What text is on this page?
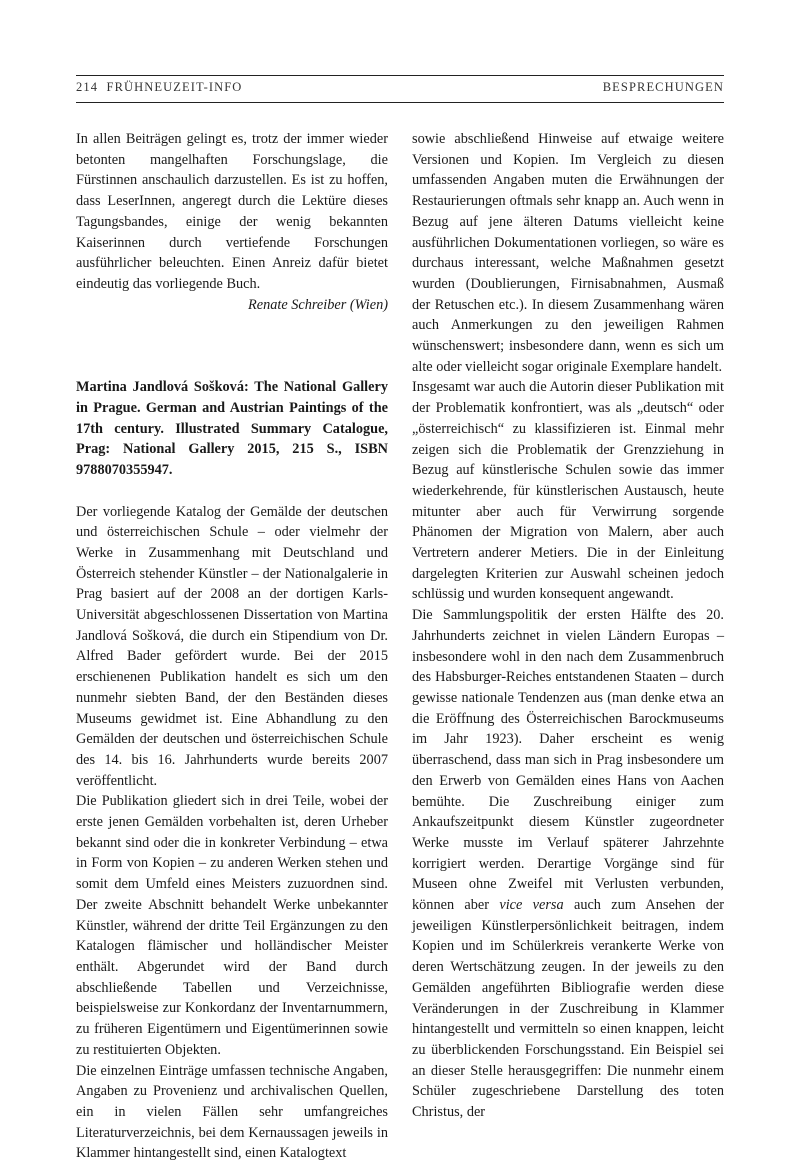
214 FRÜHNEUZEIT-INFO	BESPRECHUNGEN

In allen Beiträgen gelingt es, trotz der immer wieder betonten mangelhaften Forschungslage, die Fürstinnen anschaulich darzustellen. Es ist zu hoffen, dass LeserInnen, angeregt durch die Lektüre dieses Tagungsbandes, einige der wenig bekannten Kaiserinnen durch vertiefende Forschungen ausführlicher beleuchten. Einen Anreiz dafür bietet eindeutig das vorliegende Buch.

Renate Schreiber (Wien)

Martina Jandlová Sošková: The National Gallery in Prague. German and Austrian Paintings of the 17th century. Illustrated Summary Catalogue, Prag: National Gallery 2015, 215 S., ISBN 9788070355947.

Der vorliegende Katalog der Gemälde der deutschen und österreichischen Schule – oder vielmehr der Werke in Zusammenhang mit Deutschland und Österreich stehender Künstler – der Nationalgalerie in Prag basiert auf der 2008 an der dortigen Karls-Universität abgeschlossenen Dissertation von Martina Jandlová Sošková, die durch ein Stipendium von Dr. Alfred Bader gefördert wurde. Bei der 2015 erschienenen Publikation handelt es sich um den nunmehr siebten Band, der den Beständen dieses Museums gewidmet ist. Eine Abhandlung zu den Gemälden der deutschen und österreichischen Schule des 14. bis 16. Jahrhunderts wurde bereits 2007 veröffentlicht.

Die Publikation gliedert sich in drei Teile, wobei der erste jenen Gemälden vorbehalten ist, deren Urheber bekannt sind oder die in konkreter Verbindung – etwa in Form von Kopien – zu anderen Werken stehen und somit dem Umfeld eines Meisters zuzuordnen sind. Der zweite Abschnitt behandelt Werke unbekannter Künstler, während der dritte Teil Ergänzungen zu den Katalogen flämischer und holländischer Meister enthält. Abgerundet wird der Band durch abschließende Tabellen und Verzeichnisse, beispielsweise zur Konkordanz der Inventarnummern, zu früheren Eigentümern und Eigentümerinnen sowie zu restituierten Objekten.

Die einzelnen Einträge umfassen technische Angaben, Angaben zu Provenienz und archivalischen Quellen, ein in vielen Fällen sehr umfangreiches Literaturverzeichnis, bei dem Kernaussagen jeweils in Klammer hintangestellt sind, einen Katalogtext

sowie abschließend Hinweise auf etwaige weitere Versionen und Kopien. Im Vergleich zu diesen umfassenden Angaben muten die Erwähnungen der Restaurierungen oftmals sehr knapp an. Auch wenn in Bezug auf jene älteren Datums vielleicht keine ausführlichen Dokumentationen vorliegen, so wäre es durchaus interessant, welche Maßnahmen gesetzt wurden (Doublierungen, Firnisabnahmen, Ausmaß der Retuschen etc.). In diesem Zusammenhang wären auch Anmerkungen zu den jeweiligen Rahmen wünschenswert; insbesondere dann, wenn es sich um alte oder vielleicht sogar originale Exemplare handelt.

Insgesamt war auch die Autorin dieser Publikation mit der Problematik konfrontiert, was als „deutsch“ oder „österreichisch“ zu klassifizieren ist. Einmal mehr zeigen sich die Problematik der Grenzziehung in Bezug auf künstlerische Schulen sowie das immer wiederkehrende, für künstlerischen Austausch, heute mitunter aber auch für Verwirrung sorgende Phänomen der Migration von Malern, aber auch Vertretern anderer Metiers. Die in der Einleitung dargelegten Kriterien zur Auswahl scheinen jedoch schlüssig und wurden konsequent angewandt.

Die Sammlungspolitik der ersten Hälfte des 20. Jahrhunderts zeichnet in vielen Ländern Europas – insbesondere wohl in den nach dem Zusammenbruch des Habsburger-Reiches entstandenen Staaten – durch gewisse nationale Tendenzen aus (man denke etwa an die Eröffnung des Österreichischen Barockmuseums im Jahr 1923). Daher erscheint es wenig überraschend, dass man sich in Prag insbesondere um den Erwerb von Gemälden eines Hans von Aachen bemühte. Die Zuschreibung einiger zum Ankaufszeitpunkt diesem Künstler zugeordneter Werke musste im Verlauf späterer Jahrzehnte korrigiert werden. Derartige Vorgänge sind für Museen ohne Zweifel mit Verlusten verbunden, können aber vice versa auch zum Ansehen der jeweiligen Künstlerpersönlichkeit beitragen, indem Kopien und im Schülerkreis verankerte Werke von deren Wertschätzung zeugen. In der jeweils zu den Gemälden angeführten Bibliografie werden diese Veränderungen in der Zuschreibung in Klammer hintangestellt und vermitteln so einen knappen, leicht zu überblickenden Forschungsstand. Ein Beispiel sei an dieser Stelle herausgegriffen: Die nunmehr einem Schüler zugeschriebene Darstellung des toten Christus, der
